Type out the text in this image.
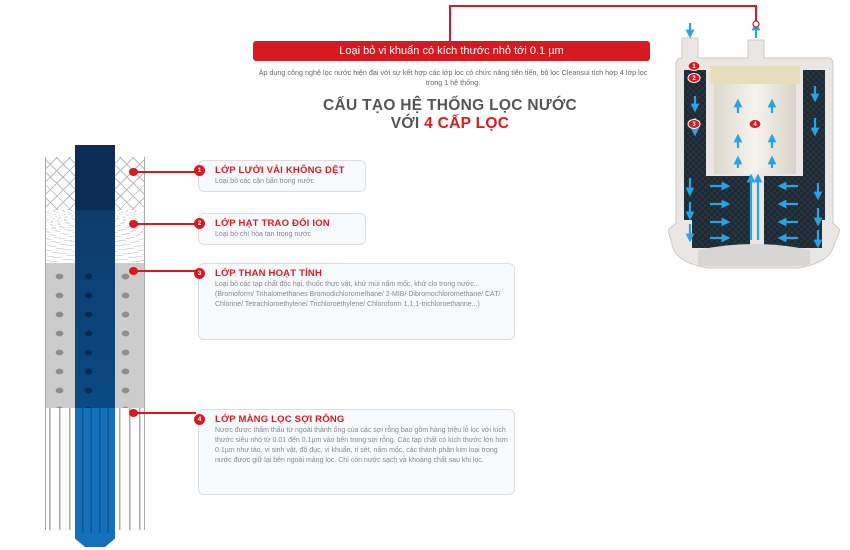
Loại bỏ vi khuẩn có kích thước nhỏ tới 0.1 µm

Áp dụng công nghệ lọc nước hiện đại với sự kết hợp các lớp lọc có chức năng tiên tiến, bộ lọc Cleansui tích hợp 4 lớp lọc trong 1 hệ thống.

CẤU TẠO HỆ THỐNG LỌC NƯỚC
VỚI 4 CẤP LỌC
1	LỚP LƯỚI VẢI KHÔNG DỆT

Loại bỏ các cặn bẩn trong nước

2	LỚP HẠT TRAO ĐỔI ION

Loại bỏ chì hòa tan trong nước

3	LỚP THAN HOẠT TÍNH

Loại bỏ các tạp chất độc hại, thuốc thực vật, khử mùi nấm mốc, khử clo trong nước... (Bromoform/ Trihalomethanes Bromodichloromethane/ 2-MIB/ Dibromochloromethane/ CAT/ Chlorine/ Tetrachloroethylene/ Trichloroethylene/ Chloroform 1,1,1-trichloroethanne...)

4	LỚP MÀNG LỌC SỢI RỖNG

Nước được thẩm thấu từ ngoài thành ống của các sợi rỗng bao gồm hàng triệu lỗ lọc với kích thước siêu nhỏ từ 0.01 đến 0.1µm vào bên trong sợi rỗng. Các tạp chất có kích thước lớn hơn 0.1µm như tảo, vi sinh vật, độ đục, vi khuẩn, rỉ sét, nấm mốc, các thành phần kim loại trong nước được giữ lại bên ngoài màng lọc. Chỉ còn nước sạch và khoáng chất sau khi lọc.

1
2
3	4
